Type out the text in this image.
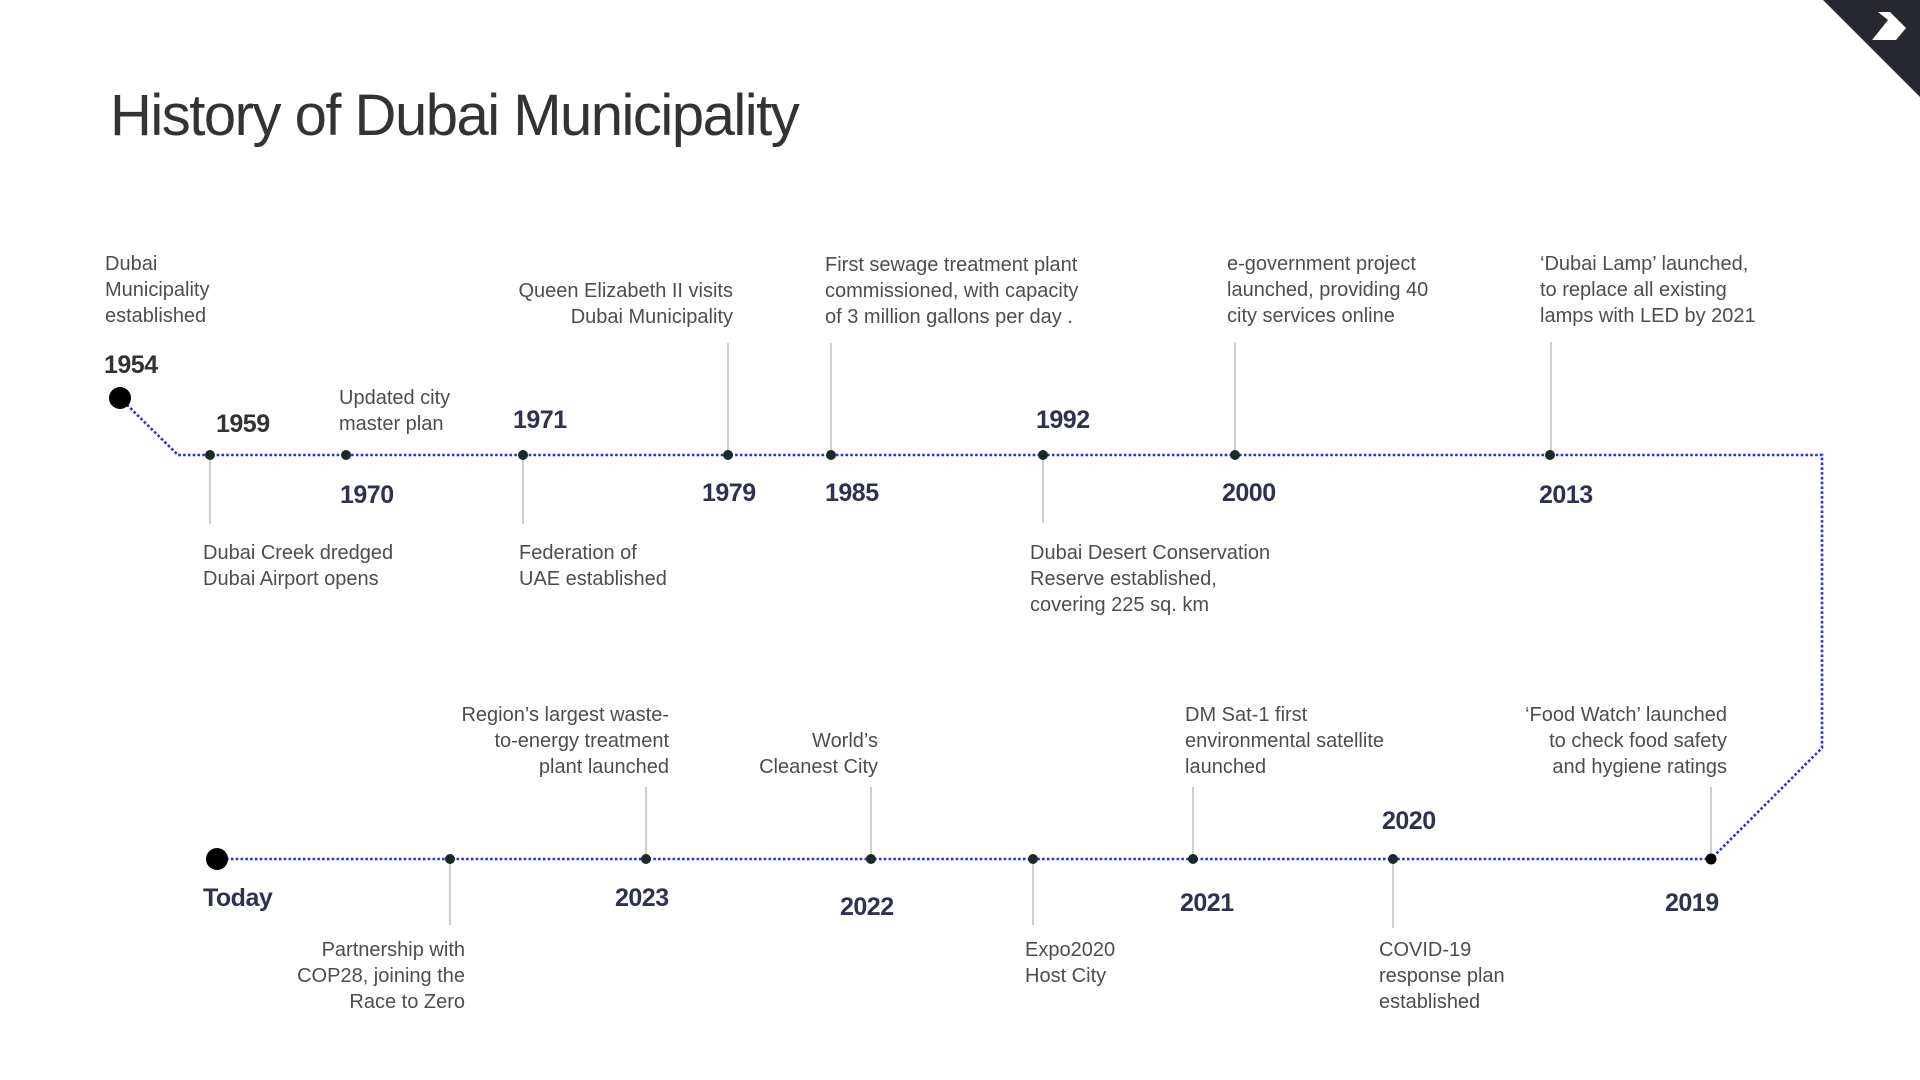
History of Dubai Municipality
Dubai
Municipality
established
1954
1959
Dubai Creek dredged
Dubai Airport opens
Updated city
master plan
1970
1971
Federation of
UAE established
Queen Elizabeth II visits
Dubai Municipality
1979
First sewage treatment plant
commissioned, with capacity
of 3 million gallons per day .
1985
1992
Dubai Desert Conservation
Reserve established,
covering 225 sq. km
e-government project
launched, providing 40
city services online
2000
‘Dubai Lamp’ launched,
to replace all existing
lamps with LED by 2021
2013
‘Food Watch’ launched
to check food safety
and hygiene ratings
2019
2020
COVID-19
response plan
established
DM Sat-1 first
environmental satellite
launched
2021
Expo2020
Host City
World’s
Cleanest City
2022
Region’s largest waste-
to-energy treatment
plant launched
2023
Partnership with
COP28, joining the
Race to Zero
Today
